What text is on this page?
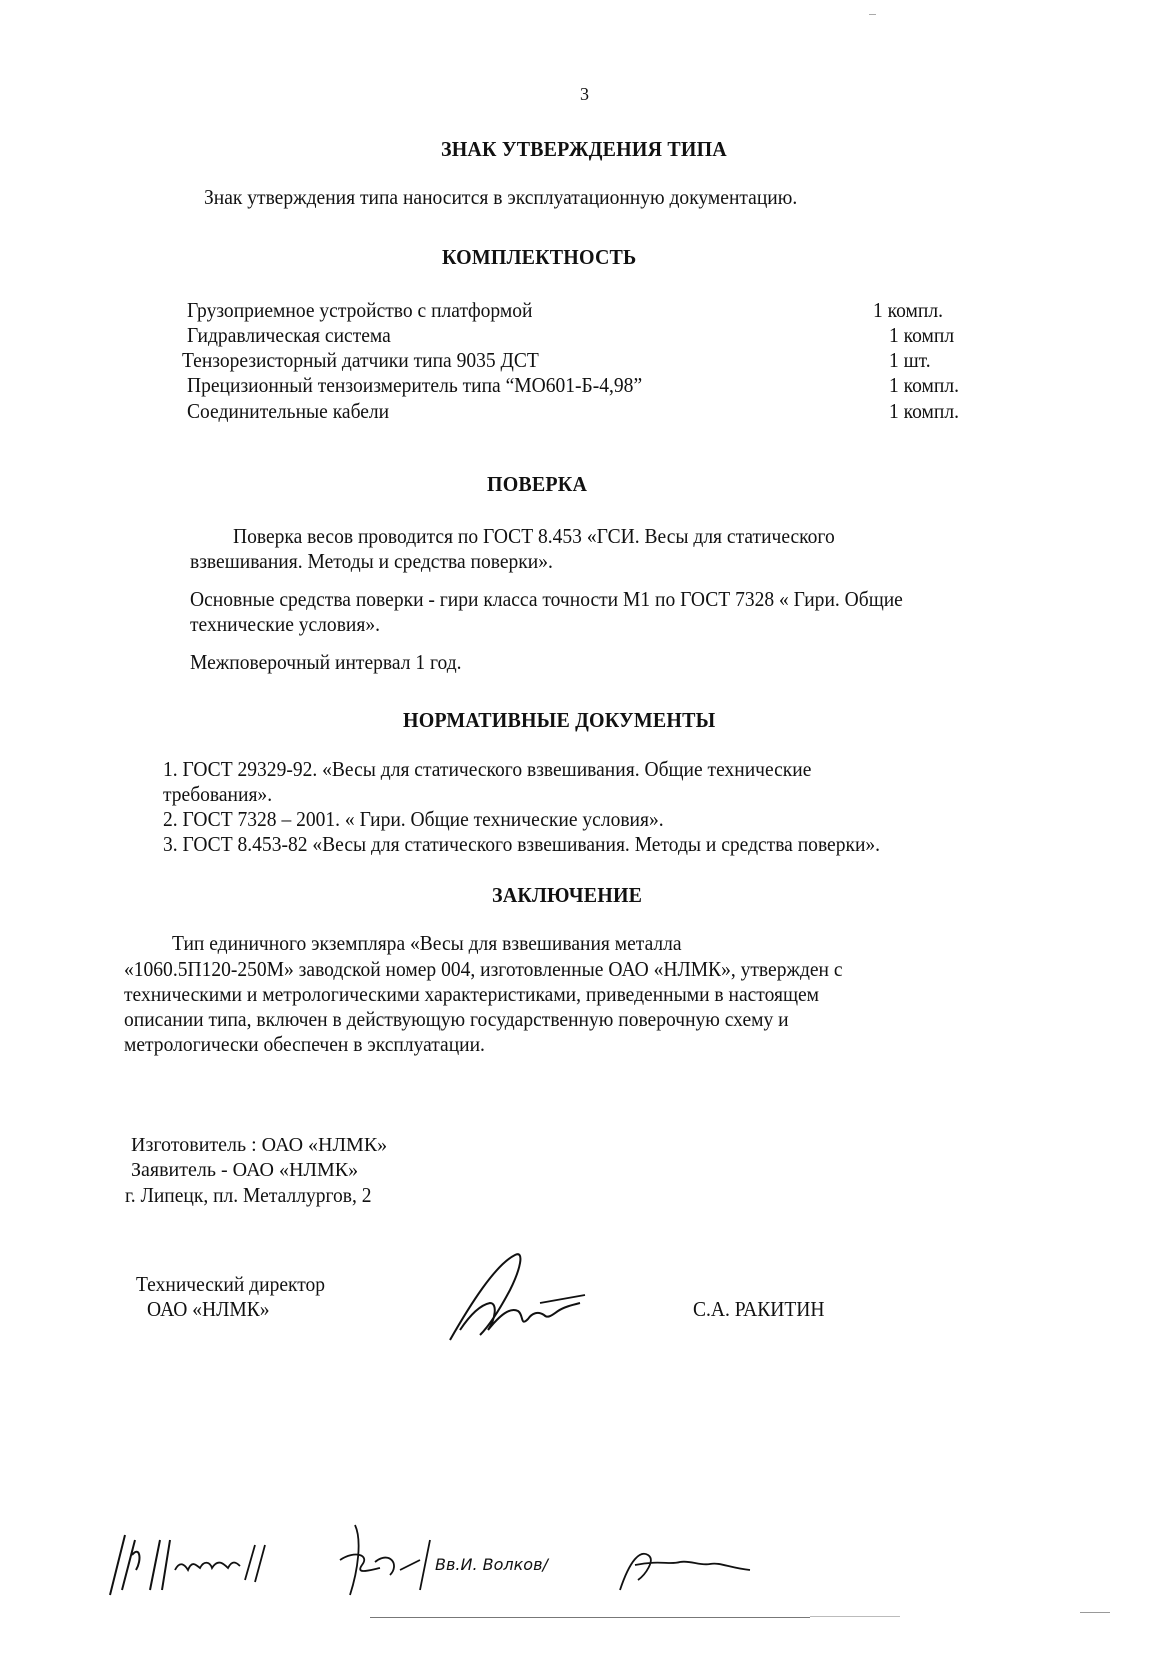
3
ЗНАК УТВЕРЖДЕНИЯ ТИПА
Знак утверждения типа наносится в эксплуатационную документацию.
КОМПЛЕКТНОСТЬ
Грузоприемное устройство с платформой	1 компл.
Гидравлическая система	1 компл
Тензорезисторный датчики типа 9035 ДСТ	1 шт.
Прецизионный тензоизмеритель типа “МО601-Б-4,98”	1 компл.
Соединительные кабели	1 компл.
ПОВЕРКА
Поверка весов проводится по ГОСТ 8.453 «ГСИ. Весы для статического
взвешивания. Методы и средства поверки».
Основные средства поверки - гири класса точности М1 по ГОСТ 7328 « Гири. Общие
технические условия».
Межповерочный интервал 1 год.
НОРМАТИВНЫЕ ДОКУМЕНТЫ
1. ГОСТ 29329-92. «Весы для статического взвешивания. Общие технические
требования».
2. ГОСТ 7328 – 2001. « Гири. Общие технические условия».
3. ГОСТ 8.453-82 «Весы для статического взвешивания. Методы и средства поверки».
ЗАКЛЮЧЕНИЕ
Тип единичного экземпляра «Весы для взвешивания металла
«1060.5П120-250М» заводской номер 004, изготовленные ОАО «НЛМК», утвержден с
техническими и метрологическими характеристиками, приведенными в настоящем
описании типа, включен в действующую государственную поверочную схему и
метрологически обеспечен в эксплуатации.
Изготовитель : ОАО «НЛМК»
Заявитель - ОАО «НЛМК»
г. Липецк, пл. Металлургов, 2
Технический директор
ОАО «НЛМК»	С.А. РАКИТИН
Вв.И. Волков/
